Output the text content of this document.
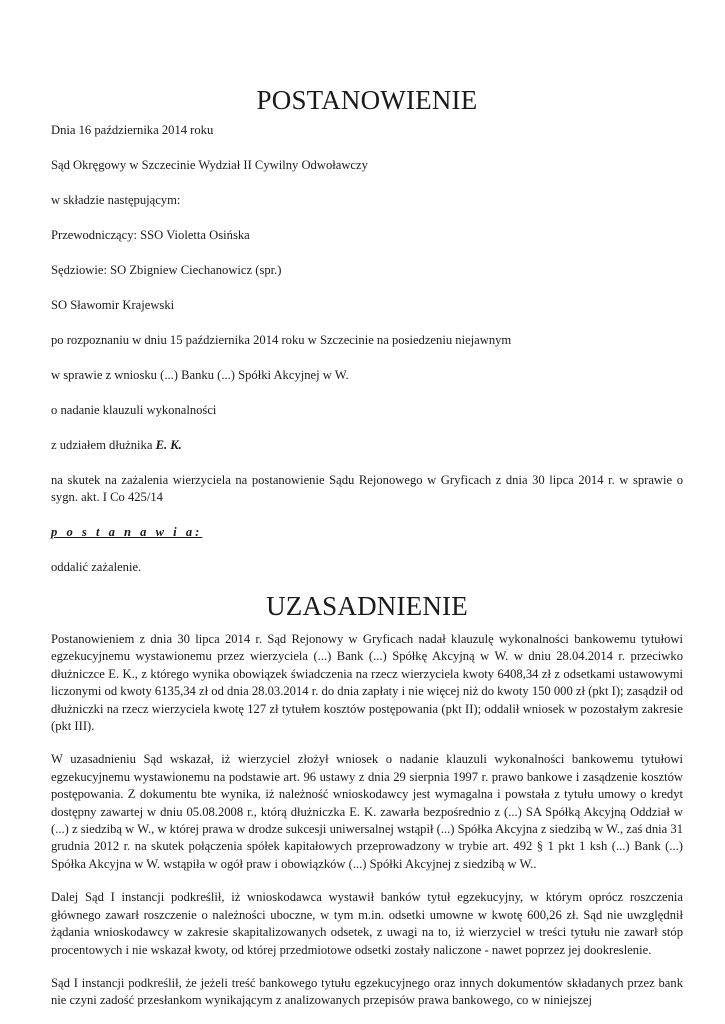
POSTANOWIENIE

Dnia 16 października 2014 roku

Sąd Okręgowy w Szczecinie Wydział II Cywilny Odwoławczy

w składzie następującym:

Przewodniczący: SSO Violetta Osińska

Sędziowie: SO Zbigniew Ciechanowicz (spr.)

SO Sławomir Krajewski

po rozpoznaniu w dniu 15 października 2014 roku w Szczecinie na posiedzeniu niejawnym

w sprawie z wniosku (...) Banku (...) Spółki Akcyjnej w W.

o nadanie klauzuli wykonalności

z udziałem dłużnika E. K.

na skutek na zażalenia wierzyciela na postanowienie Sądu Rejonowego w Gryficach z dnia 30 lipca 2014 r. w sprawie o sygn. akt. I Co 425/14

p o s t a n a w i a:

oddalić zażalenie.

UZASADNIENIE

Postanowieniem z dnia 30 lipca 2014 r. Sąd Rejonowy w Gryficach nadał klauzulę wykonalności bankowemu tytułowi egzekucyjnemu wystawionemu przez wierzyciela (...) Bank (...) Spółkę Akcyjną w W. w dniu 28.04.2014 r. przeciwko dłużniczce E. K., z którego wynika obowiązek świadczenia na rzecz wierzyciela kwoty 6408,34 zł z odsetkami ustawowymi liczonymi od kwoty 6135,34 zł od dnia 28.03.2014 r. do dnia zapłaty i nie więcej niż do kwoty 150 000 zł (pkt I); zasądził od dłużniczki na rzecz wierzyciela kwotę 127 zł tytułem kosztów postępowania (pkt II); oddalił wniosek w pozostałym zakresie (pkt III).

W uzasadnieniu Sąd wskazał, iż wierzyciel złożył wniosek o nadanie klauzuli wykonalności bankowemu tytułowi egzekucyjnemu wystawionemu na podstawie art. 96 ustawy z dnia 29 sierpnia 1997 r. prawo bankowe i zasądzenie kosztów postępowania. Z dokumentu bte wynika, iż należność wnioskodawcy jest wymagalna i powstała z tytułu umowy o kredyt dostępny zawartej w dniu 05.08.2008 r., którą dłużniczka E. K. zawarła bezpośrednio z (...) SA Spółką Akcyjną Oddział w (...) z siedzibą w W., w której prawa w drodze sukcesji uniwersalnej wstąpił (...) Spółka Akcyjna z siedzibą w W., zaś dnia 31 grudnia 2012 r. na skutek połączenia spółek kapitałowych przeprowadzony w trybie art. 492 § 1 pkt 1 ksh (...) Bank (...) Spółka Akcyjna w W. wstąpiła w ogół praw i obowiązków (...) Spółki Akcyjnej z siedzibą w W..

Dalej Sąd I instancji podkreślił, iż wnioskodawca wystawił banków tytuł egzekucyjny, w którym oprócz roszczenia głównego zawarł roszczenie o należności uboczne, w tym m.in. odsetki umowne w kwotę 600,26 zł. Sąd nie uwzględnił żądania wnioskodawcy w zakresie skapitalizowanych odsetek, z uwagi na to, iż wierzyciel w treści tytułu nie zawarł stóp procentowych i nie wskazał kwoty, od której przedmiotowe odsetki zostały naliczone - nawet poprzez jej dookreslenie.

Sąd I instancji podkreślił, że jeżeli treść bankowego tytułu egzekucyjnego oraz innych dokumentów składanych przez bank nie czyni zadość przesłankom wynikającym z analizowanych przepisów prawa bankowego, co w niniejszej
